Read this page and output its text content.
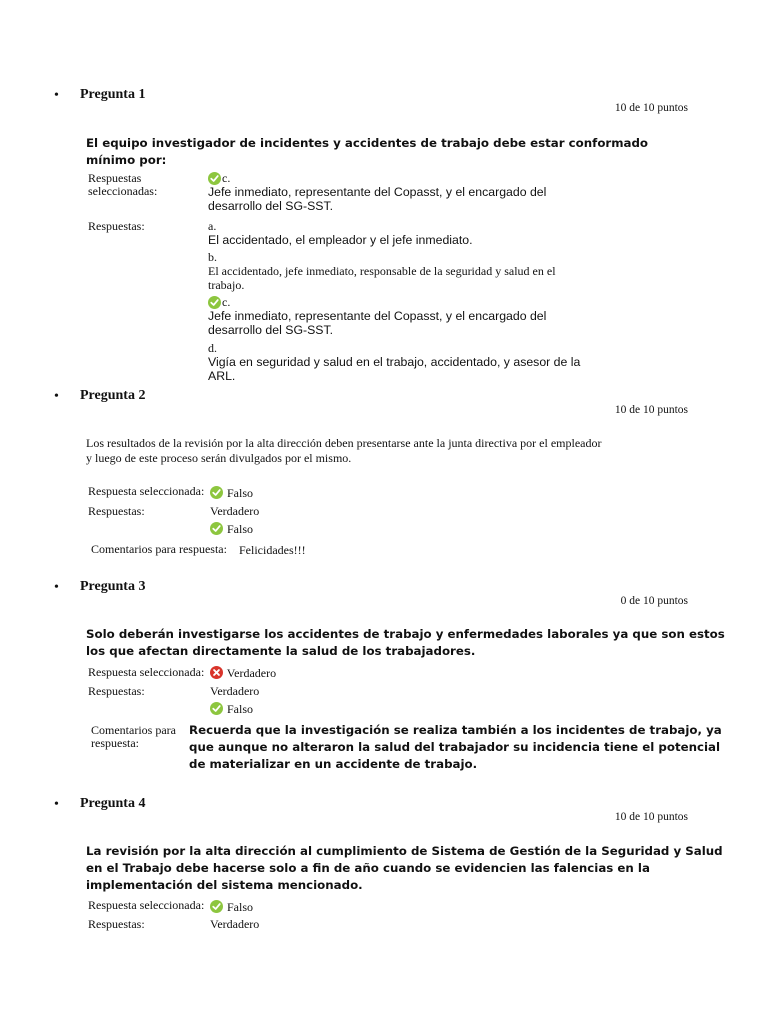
• Pregunta 1
10 de 10 puntos
El equipo investigador de incidentes y accidentes de trabajo debe estar conformado
mínimo por:
Respuestas
seleccionadas:
c.
Jefe inmediato, representante del Copasst, y el encargado del
desarrollo del SG-SST.
Respuestas:	a.
El accidentado, el empleador y el jefe inmediato.
b.
El accidentado, jefe inmediato, responsable de la seguridad y salud en el
trabajo.
c.
Jefe inmediato, representante del Copasst, y el encargado del
desarrollo del SG-SST.
d.
Vigía en seguridad y salud en el trabajo, accidentado, y asesor de la
ARL.
• Pregunta 2
10 de 10 puntos
Los resultados de la revisión por la alta dirección deben presentarse ante la junta directiva por el empleador
y luego de este proceso serán divulgados por el mismo.
Respuesta seleccionada:	Falso
Respuestas:	Verdadero
Falso
Comentarios para respuesta: Felicidades!!!
• Pregunta 3
0 de 10 puntos
Solo deberán investigarse los accidentes de trabajo y enfermedades laborales ya que son estos
los que afectan directamente la salud de los trabajadores.
Respuesta seleccionada:	Verdadero
Respuestas:	Verdadero
Falso
Comentarios para
respuesta:
Recuerda que la investigación se realiza también a los incidentes de trabajo, ya
que aunque no alteraron la salud del trabajador su incidencia tiene el potencial
de materializar en un accidente de trabajo.
• Pregunta 4
10 de 10 puntos
La revisión por la alta dirección al cumplimiento de Sistema de Gestión de la Seguridad y Salud
en el Trabajo debe hacerse solo a fin de año cuando se evidencien las falencias en la
implementación del sistema mencionado.
Respuesta seleccionada:	Falso
Respuestas:	Verdadero
